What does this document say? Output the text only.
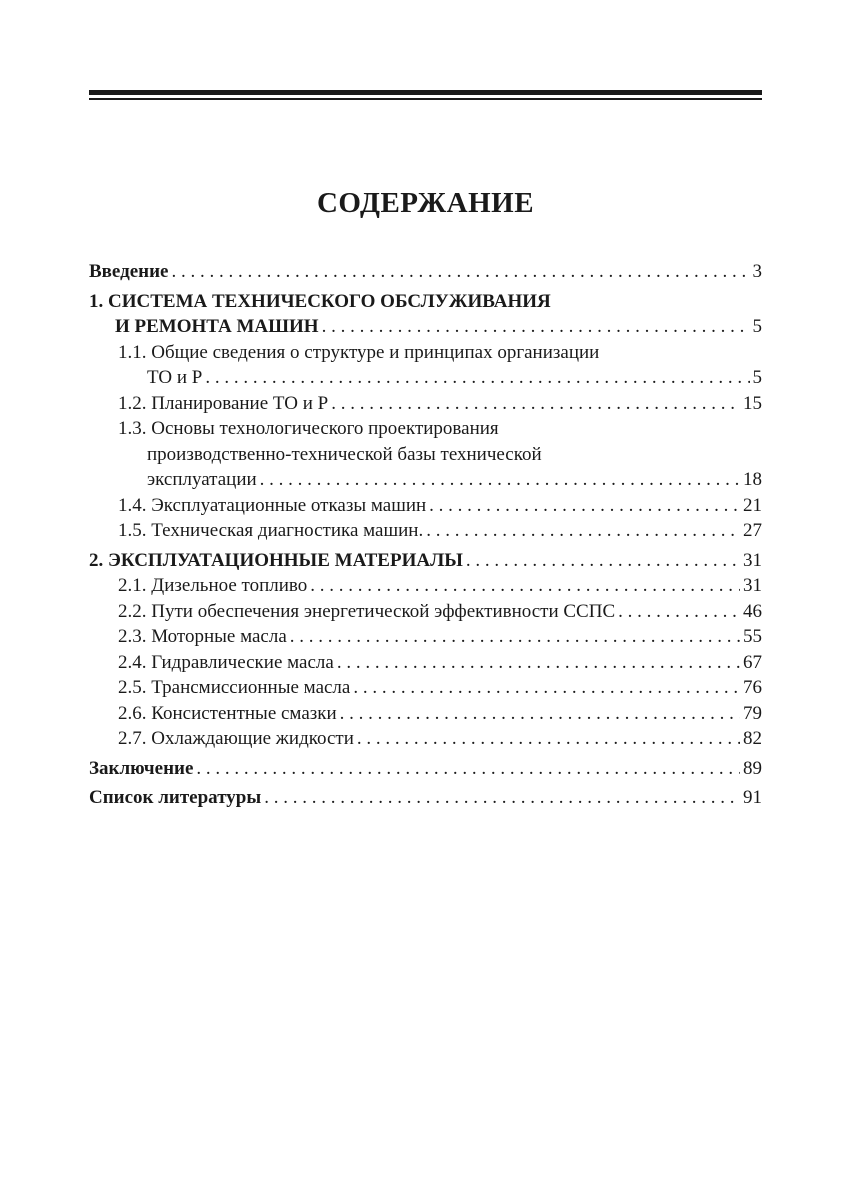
СОДЕРЖАНИЕ
Введение . . .	3
1. СИСТЕМА ТЕХНИЧЕСКОГО ОБСЛУЖИВАНИЯ
И РЕМОНТА МАШИН . . .	5
1.1. Общие сведения о структуре и принципах организации
ТО и Р . . .	5
1.2. Планирование ТО и Р . . .	15
1.3. Основы технологического проектирования
производственно-технической базы технической
эксплуатации . . .	18
1.4. Эксплуатационные отказы машин . . .	21
1.5. Техническая диагностика машин. . . .	27
2. ЭКСПЛУАТАЦИОННЫЕ МАТЕРИАЛЫ . . .	31
2.1. Дизельное топливо . . .	31
2.2. Пути обеспечения энергетической эффективности ССПС . . .	46
2.3. Моторные масла . . .	55
2.4. Гидравлические масла . . .	67
2.5. Трансмиссионные масла . . .	76
2.6. Консистентные смазки . . .	79
2.7. Охлаждающие жидкости . . .	82
Заключение . . .	89
Список литературы . . .	91
